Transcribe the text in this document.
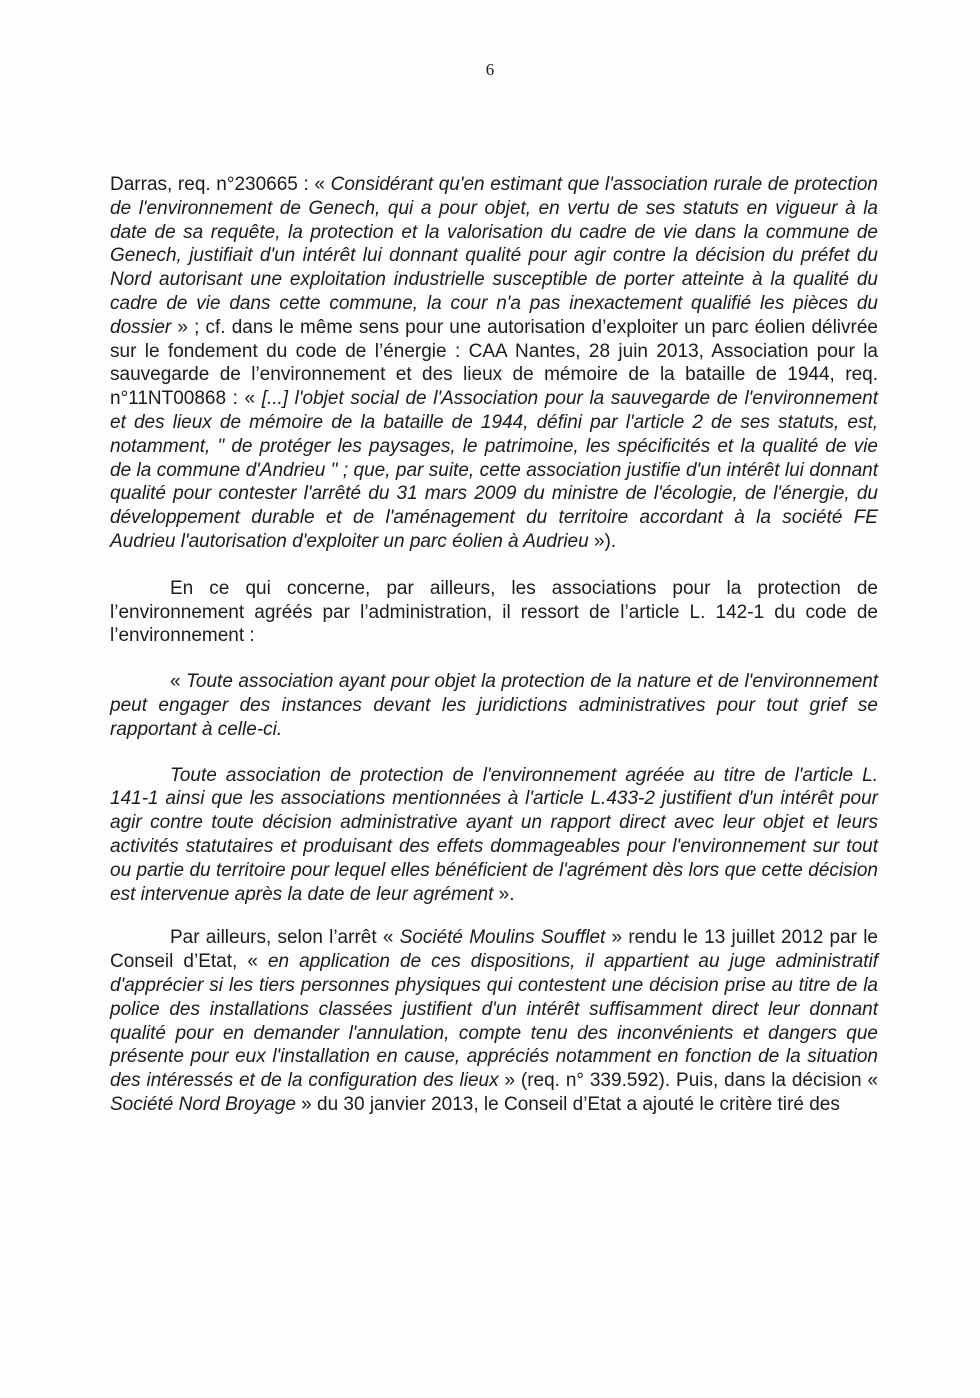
6

Darras, req. n°230665 : « Considérant qu'en estimant que l'association rurale de protection de l'environnement de Genech, qui a pour objet, en vertu de ses statuts en vigueur à la date de sa requête, la protection et la valorisation du cadre de vie dans la commune de Genech, justifiait d'un intérêt lui donnant qualité pour agir contre la décision du préfet du Nord autorisant une exploitation industrielle susceptible de porter atteinte à la qualité du cadre de vie dans cette commune, la cour n'a pas inexactement qualifié les pièces du dossier » ; cf. dans le même sens pour une autorisation d’exploiter un parc éolien délivrée sur le fondement du code de l’énergie : CAA Nantes, 28 juin 2013, Association pour la sauvegarde de l’environnement et des lieux de mémoire de la bataille de 1944, req. n°11NT00868 : « [...] l'objet social de l'Association pour la sauvegarde de l'environnement et des lieux de mémoire de la bataille de 1944, défini par l'article 2 de ses statuts, est, notamment, " de protéger les paysages, le patrimoine, les spécificités et la qualité de vie de la commune d'Andrieu " ; que, par suite, cette association justifie d'un intérêt lui donnant qualité pour contester l'arrêté du 31 mars 2009 du ministre de l'écologie, de l'énergie, du développement durable et de l'aménagement du territoire accordant à la société FE Audrieu l'autorisation d'exploiter un parc éolien à Audrieu »).

En ce qui concerne, par ailleurs, les associations pour la protection de l’environnement agréés par l’administration, il ressort de l’article L. 142-1 du code de l’environnement :

« Toute association ayant pour objet la protection de la nature et de l'environnement peut engager des instances devant les juridictions administratives pour tout grief se rapportant à celle-ci.

Toute association de protection de l'environnement agréée au titre de l'article L. 141-1 ainsi que les associations mentionnées à l'article L.433-2 justifient d'un intérêt pour agir contre toute décision administrative ayant un rapport direct avec leur objet et leurs activités statutaires et produisant des effets dommageables pour l'environnement sur tout ou partie du territoire pour lequel elles bénéficient de l'agrément dès lors que cette décision est intervenue après la date de leur agrément ».

Par ailleurs, selon l’arrêt « Société Moulins Soufflet » rendu le 13 juillet 2012 par le Conseil d’Etat, « en application de ces dispositions, il appartient au juge administratif d'apprécier si les tiers personnes physiques qui contestent une décision prise au titre de la police des installations classées justifient d'un intérêt suffisamment direct leur donnant qualité pour en demander l'annulation, compte tenu des inconvénients et dangers que présente pour eux l'installation en cause, appréciés notamment en fonction de la situation des intéressés et de la configuration des lieux » (req. n° 339.592). Puis, dans la décision « Société Nord Broyage » du 30 janvier 2013, le Conseil d’Etat a ajouté le critère tiré des
